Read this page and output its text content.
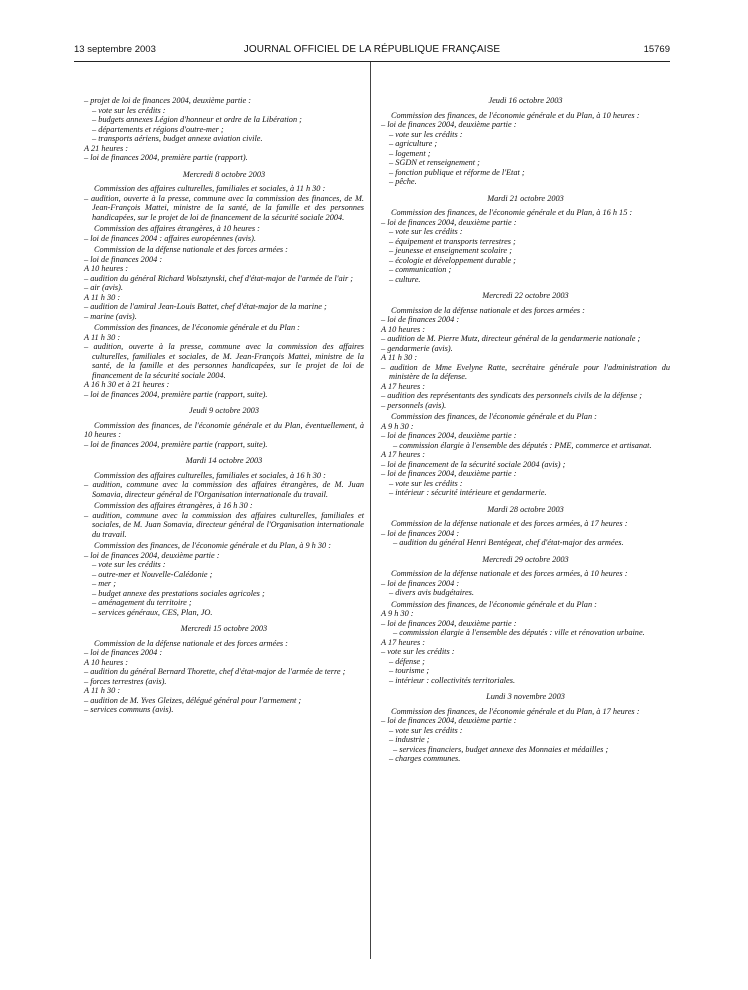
13 septembre 2003	JOURNAL OFFICIEL DE LA RÉPUBLIQUE FRANÇAISE	15769

– projet de loi de finances 2004, deuxième partie :

– vote sur les crédits :

– budgets annexes Légion d'honneur et ordre de la Libération ;

– départements et régions d'outre-mer ;

– transports aériens, budget annexe aviation civile.

A 21 heures :

– loi de finances 2004, première partie (rapport).

Mercredi 8 octobre 2003

Commission des affaires culturelles, familiales et sociales, à 11 h 30 :

– audition, ouverte à la presse, commune avec la commission des finances, de M. Jean-François Mattei, ministre de la santé, de la famille et des personnes handicapées, sur le projet de loi de financement de la sécurité sociale 2004.

Commission des affaires étrangères, à 10 heures :

– loi de finances 2004 : affaires européennes (avis).

Commission de la défense nationale et des forces armées :

– loi de finances 2004 :

A 10 heures :

– audition du général Richard Wolsztynski, chef d'état-major de l'armée de l'air ;

– air (avis).

A 11 h 30 :

– audition de l'amiral Jean-Louis Battet, chef d'état-major de la marine ;

– marine (avis).

Commission des finances, de l'économie générale et du Plan :

A 11 h 30 :

– audition, ouverte à la presse, commune avec la commission des affaires culturelles, familiales et sociales, de M. Jean-François Mattei, ministre de la santé, de la famille et des personnes handicapées, sur le projet de loi de financement de la sécurité sociale 2004.

A 16 h 30 et à 21 heures :

– loi de finances 2004, première partie (rapport, suite).

Jeudi 9 octobre 2003

Commission des finances, de l'économie générale et du Plan, éventuellement, à 10 heures :

– loi de finances 2004, première partie (rapport, suite).

Mardi 14 octobre 2003

Commission des affaires culturelles, familiales et sociales, à 16 h 30 :

– audition, commune avec la commission des affaires étrangères, de M. Juan Somavia, directeur général de l'Organisation internationale du travail.

Commission des affaires étrangères, à 16 h 30 :

– audition, commune avec la commission des affaires culturelles, familiales et sociales, de M. Juan Somavia, directeur général de l'Organisation internationale du travail.

Commission des finances, de l'économie générale et du Plan, à 9 h 30 :

– loi de finances 2004, deuxième partie :

– vote sur les crédits :

– outre-mer et Nouvelle-Calédonie ;

– mer ;

– budget annexe des prestations sociales agricoles ;

– aménagement du territoire ;

– services généraux, CES, Plan, JO.

Mercredi 15 octobre 2003

Commission de la défense nationale et des forces armées :

– loi de finances 2004 :

A 10 heures :

– audition du général Bernard Thorette, chef d'état-major de l'armée de terre ;

– forces terrestres (avis).

A 11 h 30 :

– audition de M. Yves Gleizes, délégué général pour l'armement ;

– services communs (avis).

Jeudi 16 octobre 2003

Commission des finances, de l'économie générale et du Plan, à 10 heures :

– loi de finances 2004, deuxième partie :

– vote sur les crédits :

– agriculture ;

– logement ;

– SGDN et renseignement ;

– fonction publique et réforme de l'Etat ;

– pêche.

Mardi 21 octobre 2003

Commission des finances, de l'économie générale et du Plan, à 16 h 15 :

– loi de finances 2004, deuxième partie :

– vote sur les crédits :

– équipement et transports terrestres ;

– jeunesse et enseignement scolaire ;

– écologie et développement durable ;

– communication ;

– culture.

Mercredi 22 octobre 2003

Commission de la défense nationale et des forces armées :

– loi de finances 2004 :

A 10 heures :

– audition de M. Pierre Mutz, directeur général de la gendarmerie nationale ;

– gendarmerie (avis).

A 11 h 30 :

– audition de Mme Evelyne Ratte, secrétaire générale pour l'administration du ministère de la défense.

A 17 heures :

– audition des représentants des syndicats des personnels civils de la défense ;

– personnels (avis).

Commission des finances, de l'économie générale et du Plan :

A 9 h 30 :

– loi de finances 2004, deuxième partie :

– commission élargie à l'ensemble des députés : PME, commerce et artisanat.

A 17 heures :

– loi de financement de la sécurité sociale 2004 (avis) ;

– loi de finances 2004, deuxième partie :

– vote sur les crédits :

– intérieur : sécurité intérieure et gendarmerie.

Mardi 28 octobre 2003

Commission de la défense nationale et des forces armées, à 17 heures :

– loi de finances 2004 :

– audition du général Henri Bentégeat, chef d'état-major des armées.

Mercredi 29 octobre 2003

Commission de la défense nationale et des forces armées, à 10 heures :

– loi de finances 2004 :

– divers avis budgétaires.

Commission des finances, de l'économie générale et du Plan :

A 9 h 30 :

– loi de finances 2004, deuxième partie :

– commission élargie à l'ensemble des députés : ville et rénovation urbaine.

A 17 heures :

– vote sur les crédits :

– défense ;

– tourisme ;

– intérieur : collectivités territoriales.

Lundi 3 novembre 2003

Commission des finances, de l'économie générale et du Plan, à 17 heures :

– loi de finances 2004, deuxième partie :

– vote sur les crédits :

– industrie ;

– services financiers, budget annexe des Monnaies et médailles ;

– charges communes.
